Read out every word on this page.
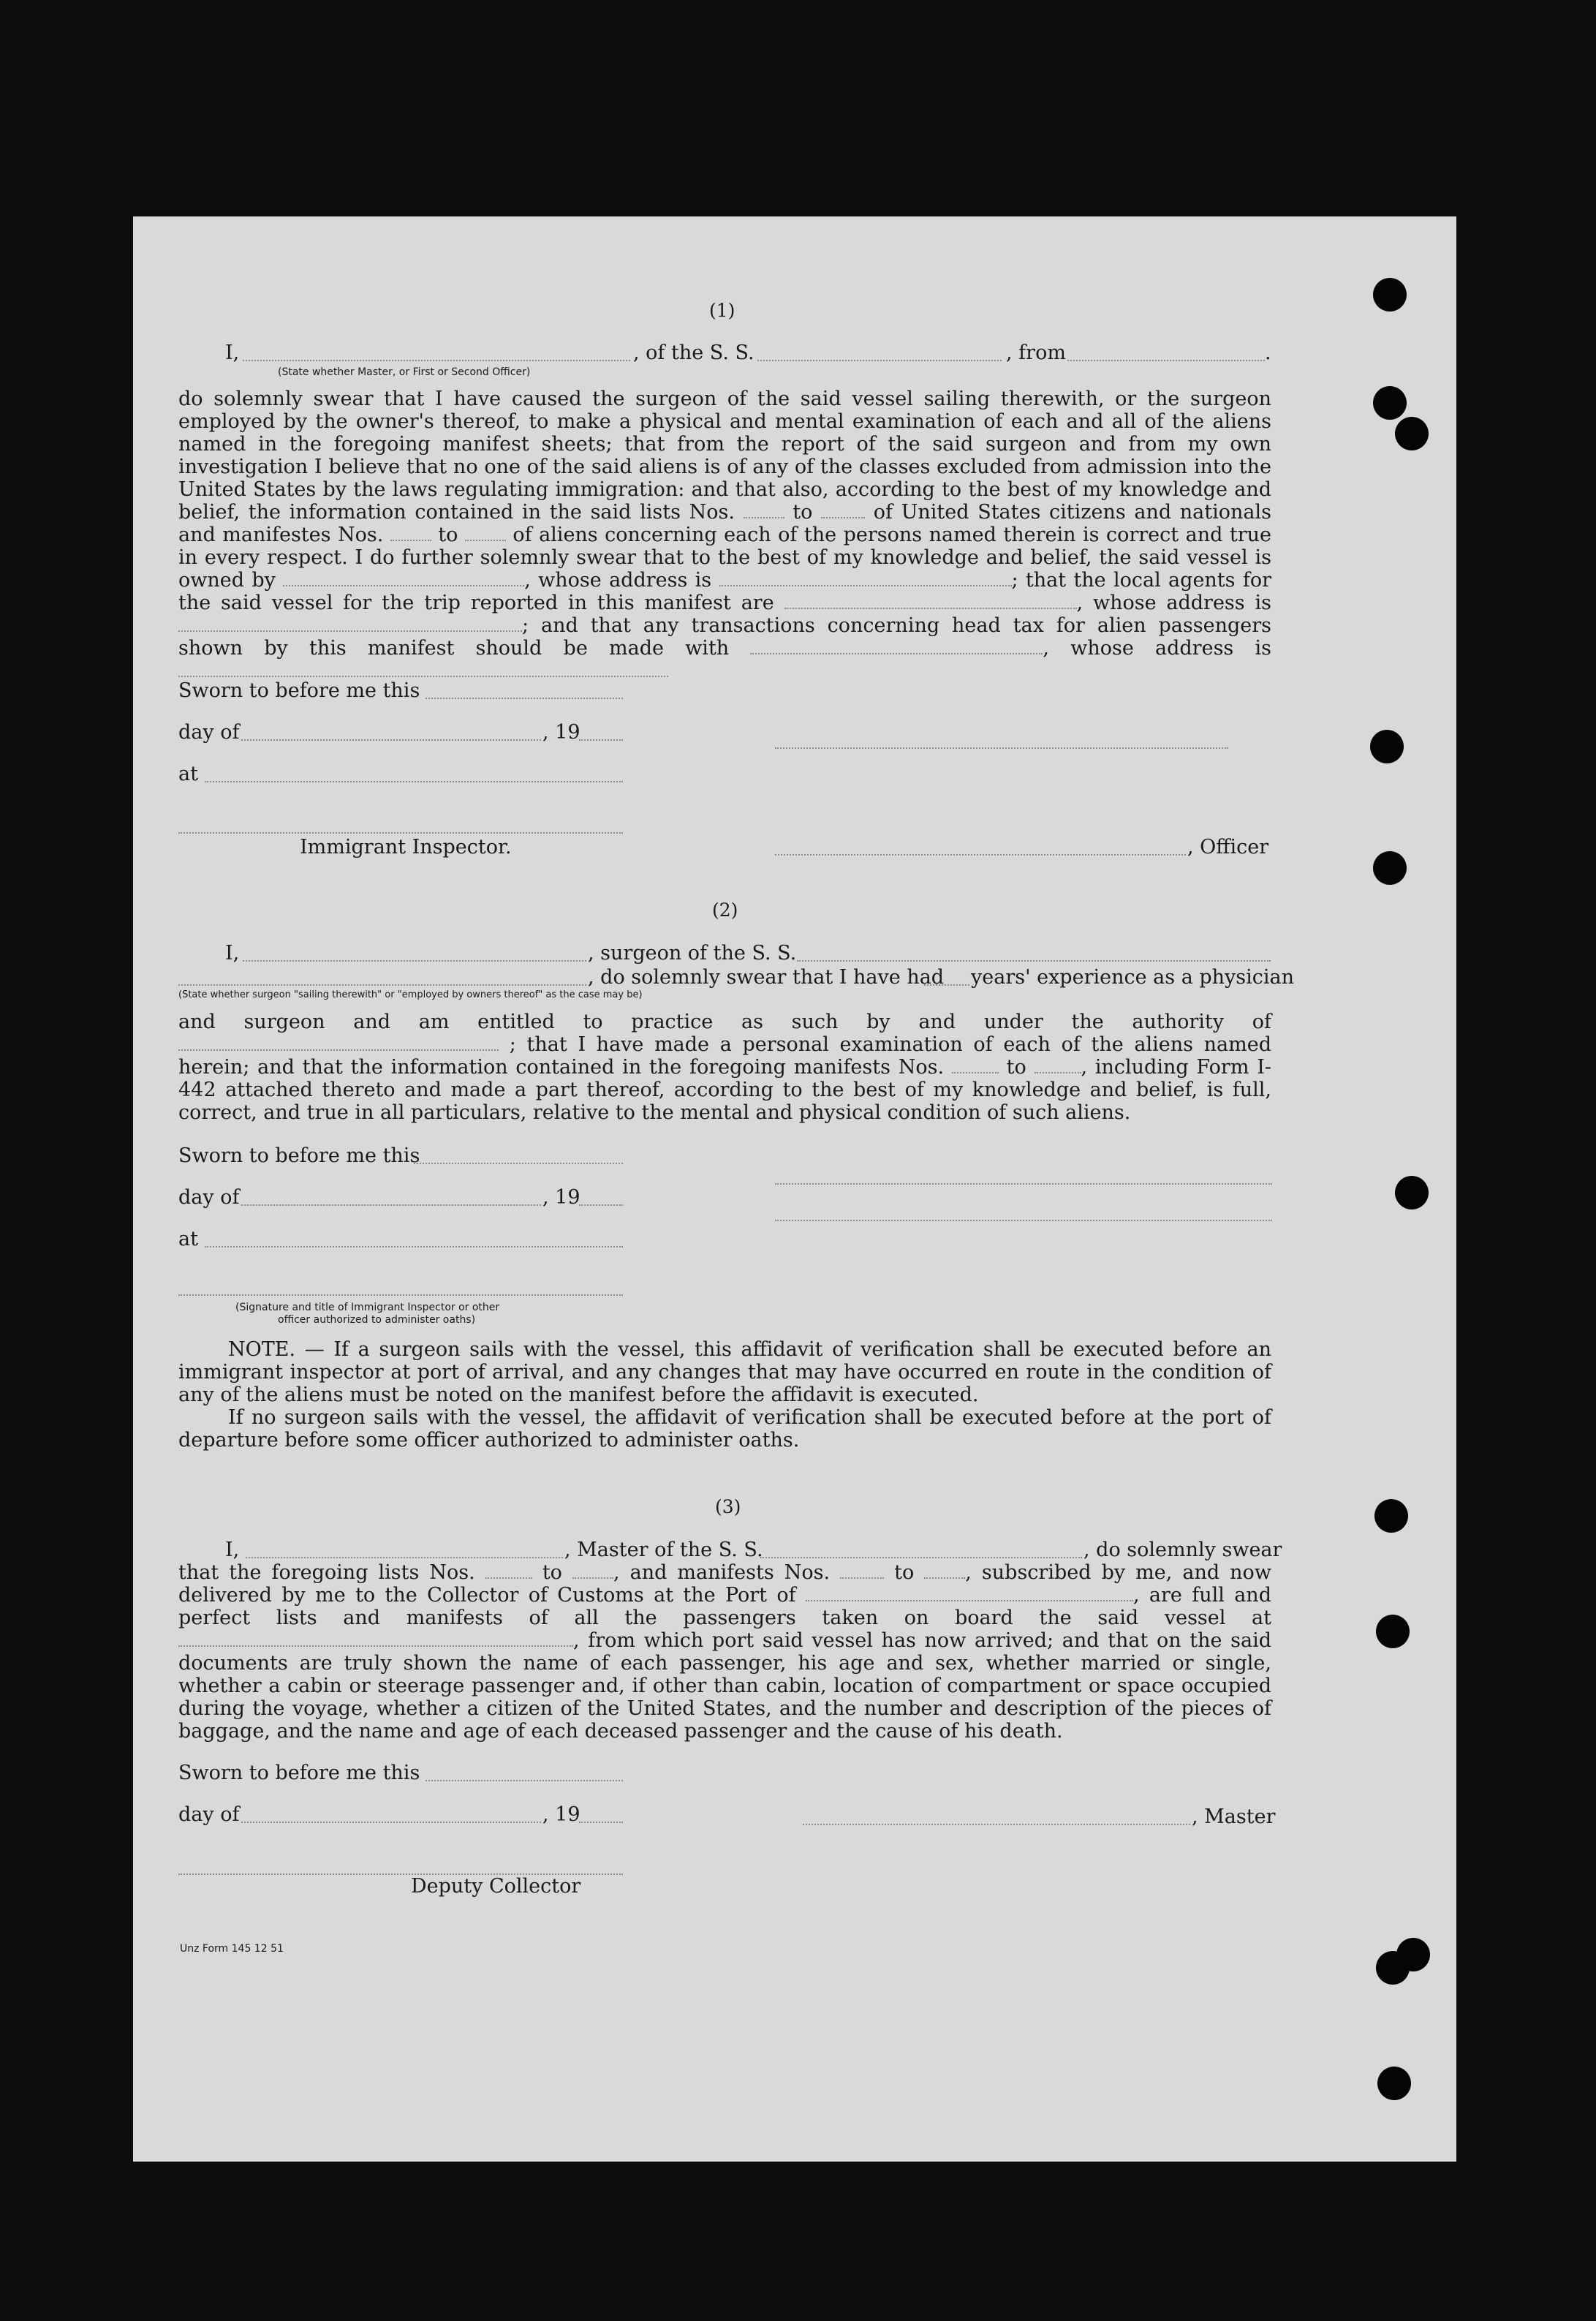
(1)
I,	, of the S. S.	, from	.
(State whether Master, or First or Second Officer)

do solemnly swear that I have caused the surgeon of the said vessel sailing therewith, or the surgeon employed by the owner's thereof, to make a physical and mental examination of each and all of the aliens named in the foregoing manifest sheets; that from the report of the said surgeon and from my own investigation I believe that no one of the said aliens is of any of the classes excluded from admission into the United States by the laws regulating immigration: and that also, according to the best of my knowledge and belief, the information contained in the said lists Nos.	to	of United States citizens and nationals and manifestes Nos.	to	of aliens concerning each of the persons named therein is correct and true in every respect. I do further solemnly swear that to the best of my knowledge and belief, the said vessel is owned by	, whose address is	; that the local agents for the said vessel for the trip reported in this manifest are	, whose address is ; and that any transactions concerning head tax for alien passengers shown by this manifest should be made with	, whose address is

Sworn to before me this
day of	, 19
at
Immigrant Inspector.	, Officer
(2)
I,	, surgeon of the S. S.
, do solemnly swear that I have had years' experience as a physician
(State whether surgeon "sailing therewith" or "employed by owners thereof" as the case may be)

and surgeon and am entitled to practice as such by and under the authority of  ; that I have made a personal examination of each of the aliens named herein; and that the information contained in the foregoing manifests Nos.	to	, including Form I-442 attached thereto and made a part thereof, according to the best of my knowledge and belief, is full, correct, and true in all particulars, relative to the mental and physical condition of such aliens.

Sworn to before me this
day of	, 19
at
(Signature and title of Immigrant Inspector or other
officer authorized to administer oaths)

NOTE. — If a surgeon sails with the vessel, this affidavit of verification shall be executed before an immigrant inspector at port of arrival, and any changes that may have occurred en route in the condition of any of the aliens must be noted on the manifest before the affidavit is executed.

If no surgeon sails with the vessel, the affidavit of verification shall be executed before at the port of departure before some officer authorized to administer oaths.

(3)
I,	, Master of the S. S.	, do solemnly swear

that the foregoing lists Nos.	to	, and manifests Nos.	to	, subscribed by me, and now delivered by me to the Collector of Customs at the Port of	, are full and perfect lists and manifests of all the passengers taken on board the said vessel at , from which port said vessel has now arrived; and that on the said documents are truly shown the name of each passenger, his age and sex, whether married or single, whether a cabin or steerage passenger and, if other than cabin, location of compartment or space occupied during the voyage, whether a citizen of the United States, and the number and description of the pieces of baggage, and the name and age of each deceased passenger and the cause of his death.

Sworn to before me this
day of	, 19	, Master
Deputy Collector
Unz Form 145 12 51
